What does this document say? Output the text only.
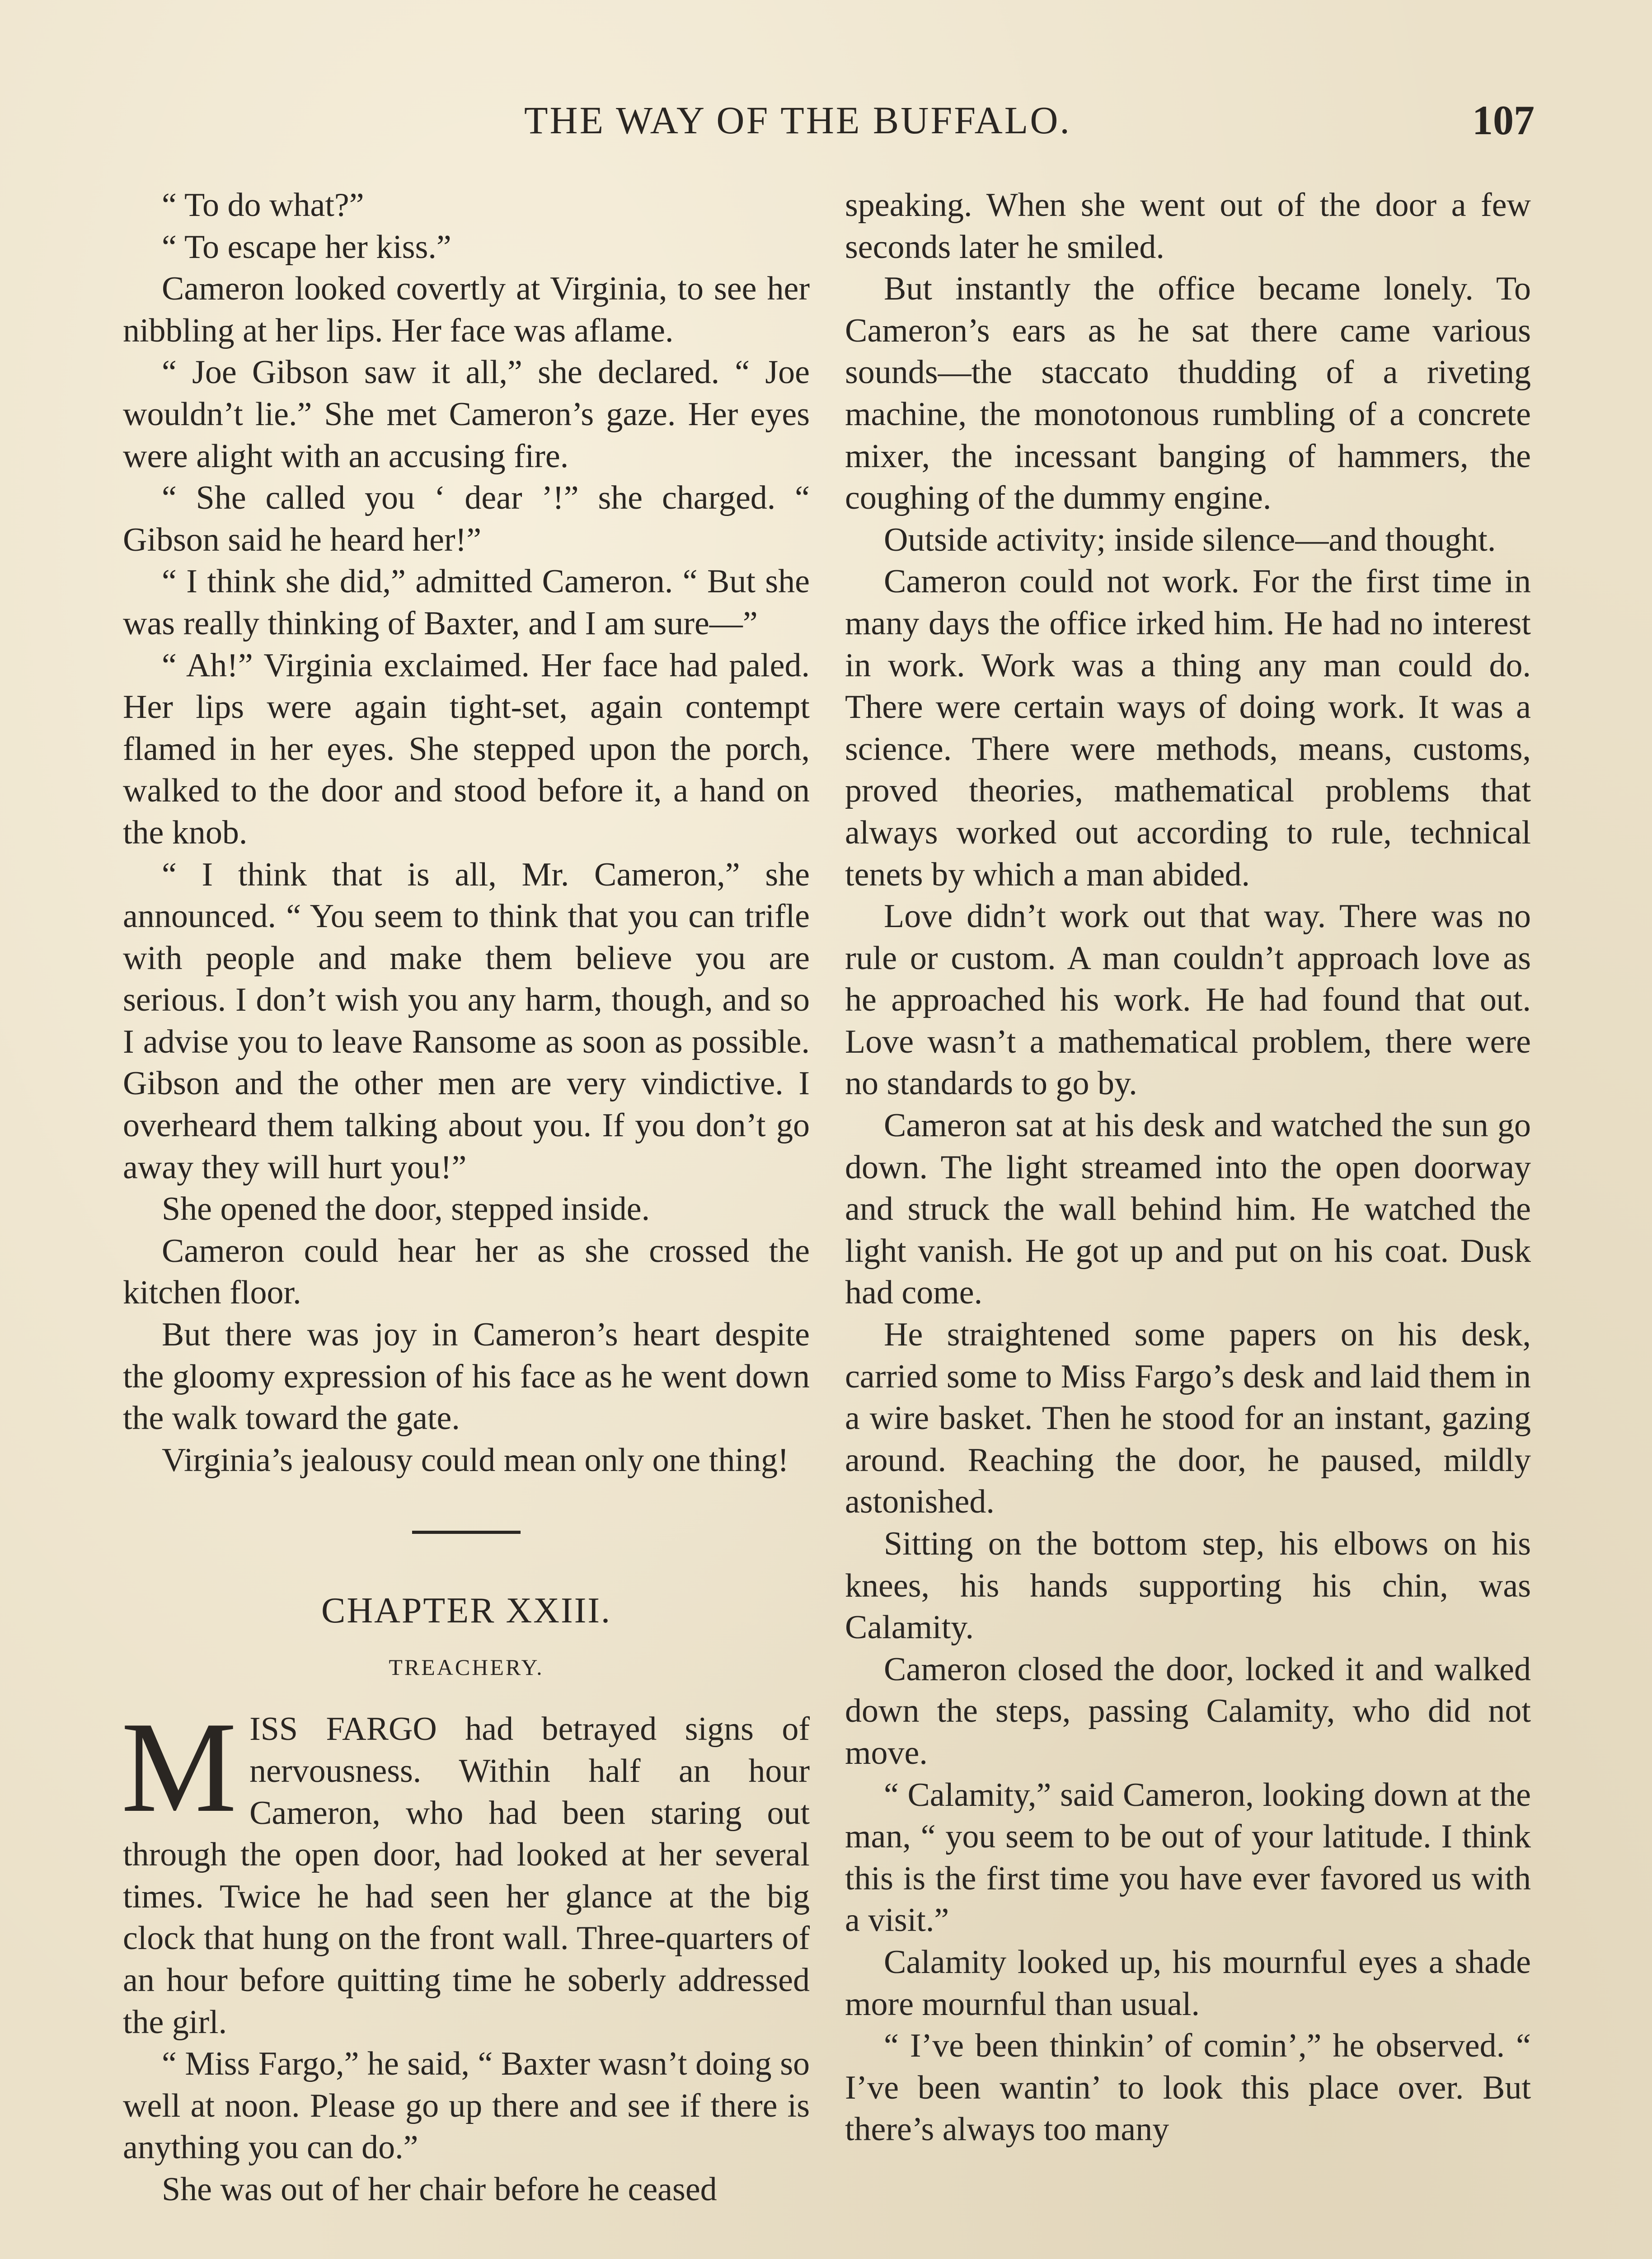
THE WAY OF THE BUFFALO.	107

“ To do what?”

“ To escape her kiss.”

Cameron looked covertly at Virginia, to see her nibbling at her lips. Her face was aflame.

“ Joe Gibson saw it all,” she declared. “ Joe wouldn’t lie.” She met Cameron’s gaze. Her eyes were alight with an accusing fire.

“ She called you ‘ dear ’!” she charged. “ Gibson said he heard her!”

“ I think she did,” admitted Cameron. “ But she was really thinking of Baxter, and I am sure—”

“ Ah!” Virginia exclaimed. Her face had paled. Her lips were again tight-set, again contempt flamed in her eyes. She stepped upon the porch, walked to the door and stood before it, a hand on the knob.

“ I think that is all, Mr. Cameron,” she announced. “ You seem to think that you can trifle with people and make them believe you are serious. I don’t wish you any harm, though, and so I advise you to leave Ransome as soon as possible. Gibson and the other men are very vindictive. I overheard them talking about you. If you don’t go away they will hurt you!”

She opened the door, stepped inside.

Cameron could hear her as she crossed the kitchen floor.

But there was joy in Cameron’s heart despite the gloomy expression of his face as he went down the walk toward the gate.

Virginia’s jealousy could mean only one thing!

CHAPTER XXIII.

TREACHERY.

MISS FARGO had betrayed signs of nervousness. Within half an hour Cameron, who had been staring out through the open door, had looked at her several times. Twice he had seen her glance at the big clock that hung on the front wall. Three-quarters of an hour before quitting time he soberly addressed the girl.

“ Miss Fargo,” he said, “ Baxter wasn’t doing so well at noon. Please go up there and see if there is anything you can do.”

She was out of her chair before he ceased

speaking. When she went out of the door a few seconds later he smiled.

But instantly the office became lonely. To Cameron’s ears as he sat there came various sounds—the staccato thudding of a riveting machine, the monotonous rumbling of a concrete mixer, the incessant banging of hammers, the coughing of the dummy engine.

Outside activity; inside silence—and thought.

Cameron could not work. For the first time in many days the office irked him. He had no interest in work. Work was a thing any man could do. There were certain ways of doing work. It was a science. There were methods, means, customs, proved theories, mathematical problems that always worked out according to rule, technical tenets by which a man abided.

Love didn’t work out that way. There was no rule or custom. A man couldn’t approach love as he approached his work. He had found that out. Love wasn’t a mathematical problem, there were no standards to go by.

Cameron sat at his desk and watched the sun go down. The light streamed into the open doorway and struck the wall behind him. He watched the light vanish. He got up and put on his coat. Dusk had come.

He straightened some papers on his desk, carried some to Miss Fargo’s desk and laid them in a wire basket. Then he stood for an instant, gazing around. Reaching the door, he paused, mildly astonished.

Sitting on the bottom step, his elbows on his knees, his hands supporting his chin, was Calamity.

Cameron closed the door, locked it and walked down the steps, passing Calamity, who did not move.

“ Calamity,” said Cameron, looking down at the man, “ you seem to be out of your latitude. I think this is the first time you have ever favored us with a visit.”

Calamity looked up, his mournful eyes a shade more mournful than usual.

“ I’ve been thinkin’ of comin’,” he observed. “ I’ve been wantin’ to look this place over. But there’s always too many
